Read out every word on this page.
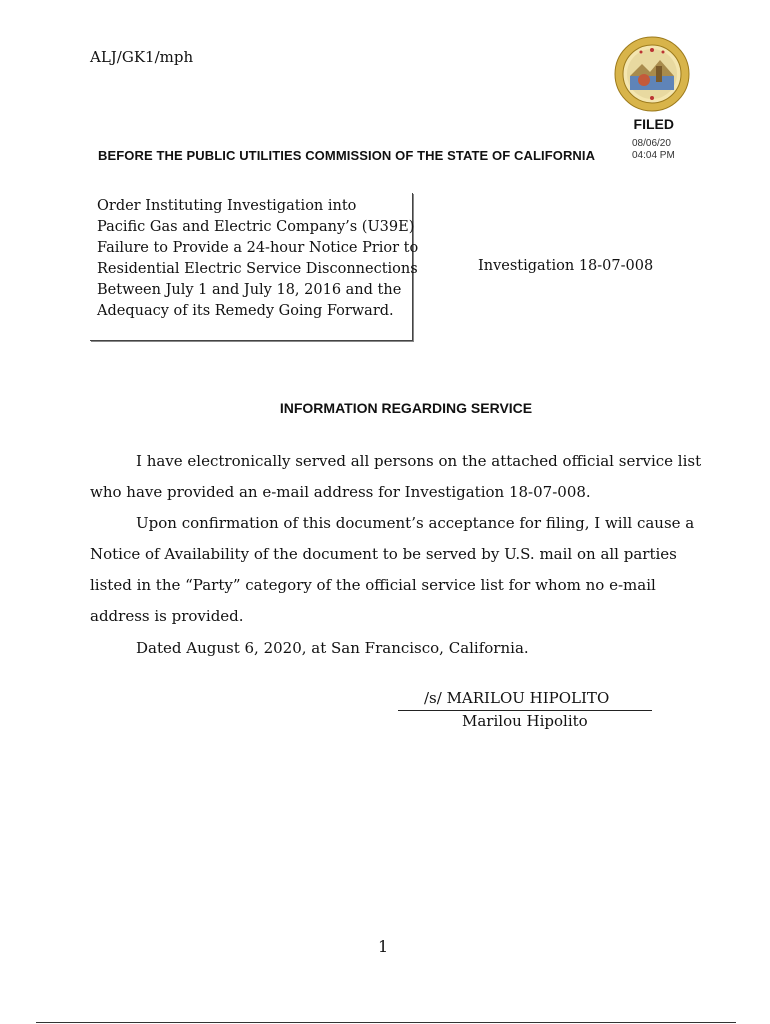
ALJ/GK1/mph
FILED
08/06/20
04:04 PM
BEFORE THE PUBLIC UTILITIES COMMISSION OF THE STATE OF CALIFORNIA
Order Instituting Investigation into
Pacific Gas and Electric Company’s (U39E)
Failure to Provide a 24-hour Notice Prior to
Residential Electric Service Disconnections
Between July 1 and July 18, 2016 and the
Adequacy of its Remedy Going Forward.
Investigation 18-07-008
INFORMATION REGARDING SERVICE
I have electronically served all persons on the attached official service list
who have provided an e-mail address for Investigation 18-07-008.
Upon confirmation of this document’s acceptance for filing, I will cause a
Notice of Availability of the document to be served by U.S. mail on all parties
listed in the “Party” category of the official service list for whom no e-mail
address is provided.
Dated August 6, 2020, at San Francisco, California.
/s/ MARILOU HIPOLITO
Marilou Hipolito
1
